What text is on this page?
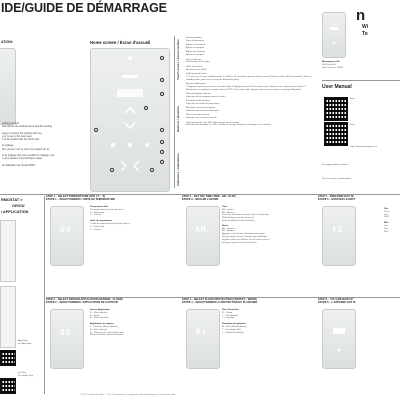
IDE/GUIDE DE DÉMARRAGE
ATION:
setting number
that will be the setting name and the setting
ange or accept the setting and use
g or to go to the next step
s to be ended with the GFCI test.
le réglage
ère (1) pour voir le nom et la valeur du ré-
er le réglage (le) pour modifier le réglage, pus
e pour passer à la prochaine étape
la réalisation de l'essai DDFT
Home screen / Écran d'accueil
1
2
3
4
5	6
7
8
9
10
11
Touch zones / Zones tactiles
Buttons / Boutons
Indicators / Indicateurs
Information Area
Zone d'information
Adjust and navigate
Ajuster et naviguer
Adjust and navigate
Ajuster et naviguer
Select & Accept
Sélectionner et accepter
GFCI test button
Bouton d'essai DDFT
Multifunctional button
1. Press once to enter standby mode. 2. Hold for 15 seconds to perform factory reset 3. Reset confirm GFCI test mode 4. When in standby mode, press once to activate bluetooth pairing
Bouton multifonction
1. Appuyer une fois pour entrer en mode veille. 2. Appuyer pendant 15 secondes pour effectuer une réinitialisation d'usine 3. Réinitialiser ou confirmer le mode d'essai DDFT 4. En mode veille, appuyer une fois pour activer le jumelage Bluetooth
Menu navigation indicator
Indicateur de la navigation dans le menu
Schedule mode Indicator
Indicateur du mode de programme
Bluetooth connection indicator
Indicateur de connexion Bluetooth
Wifi connection indicator
Indicateur de connexion sans fil
Heating indicator. The LED lights orange when heating
Indicateur de chauffage. Le DEL s'allume en orange lorsque le chauffage est en marche
n
Wi
To
Warmlyyours US
590 Telser Rd.
Lake Zurich, IL 60047
User Manual
Scan
Scan
https://www.warmlyyours.co
For support please contact
Pour le soutien, communiquez
RMOSTAT >
OR/OU
/ APPLICATION
App Store
de l'App Store
gle Play
de Google Play
STEP 1. - SELECT TEMPERATURE UNIT (°F - °F)
ÉTAPE 1 – SÉLECTIONNER L'UNITÉ DE TEMPÉRATURE
Un
Temperature Unit
The temperature unit can be set to:
F – Fahrenheit
C – Celsius
Unité de température
L'unité de température peut être réglée à :
F – Fahrenheit
C – Celsius
STEP 3. - SET THE TIME (TIME - AM : 10:52)
ÉTAPE 3 – RÉGLER L'HEURE
AM
Time
HH – Hours
MI – Minutes
Press the select/accept button (4) to set the time.
While blinking, use the arrow up/
down to adjust the hours/minutes.
Heure
HH – Heures
MI – Minutes
Appuyer sur le bouton sélectionner/accepter
(4) pour régler l'heure. Pendant que l'affichage
clignote, utiliser les flèches vers le haut et vers le
bas pour ajuster les heures/minutes.
STEP 5. - PERFORM GFCI TE
ÉTAPE 5 – ESSAYER LE DDFT
tE
Perf
Once
test
GFCI
Effe
Lors
l'ess
DDF
STEP 2. - SELECT SENSOR APPLICATION (SENSOR - FLOOR)
ÉTAPE 2 – SÉLECTIONNER L'APPLICATION DE CAPTEUR
SE
Sensor Application
F – Floor (default)
A – Room
B – Floor and room
Application du capteur
F – Plancher (Floor) (défaut)
A – Pièce (Room)
B – Plancher et la pièce (Floor and
Room with Floor sensor limitation)
STEP 4. - SELECT FLOOR PROTECTION (FROTECT - WOOD)
ÉTAPE 4 – SÉLECTIONNER LA PROTECTION DU PLANCHER
Pr
Floor Protection
W – Wood
T – Tile (default)
L – Laminate
Protection du plancher
W – Bois (Wood) (défaut)
T – Carrelage (Tile)
L – Stratifié (Laminate)
STEP 6. - YOU ARE NOW UP
ÉTAPE 6 – L'APPAREIL EST M
© 2024 OJ Electronics A/S – ® The OJ trademark is a registered trademark belonging to OJ Electronics A/S
